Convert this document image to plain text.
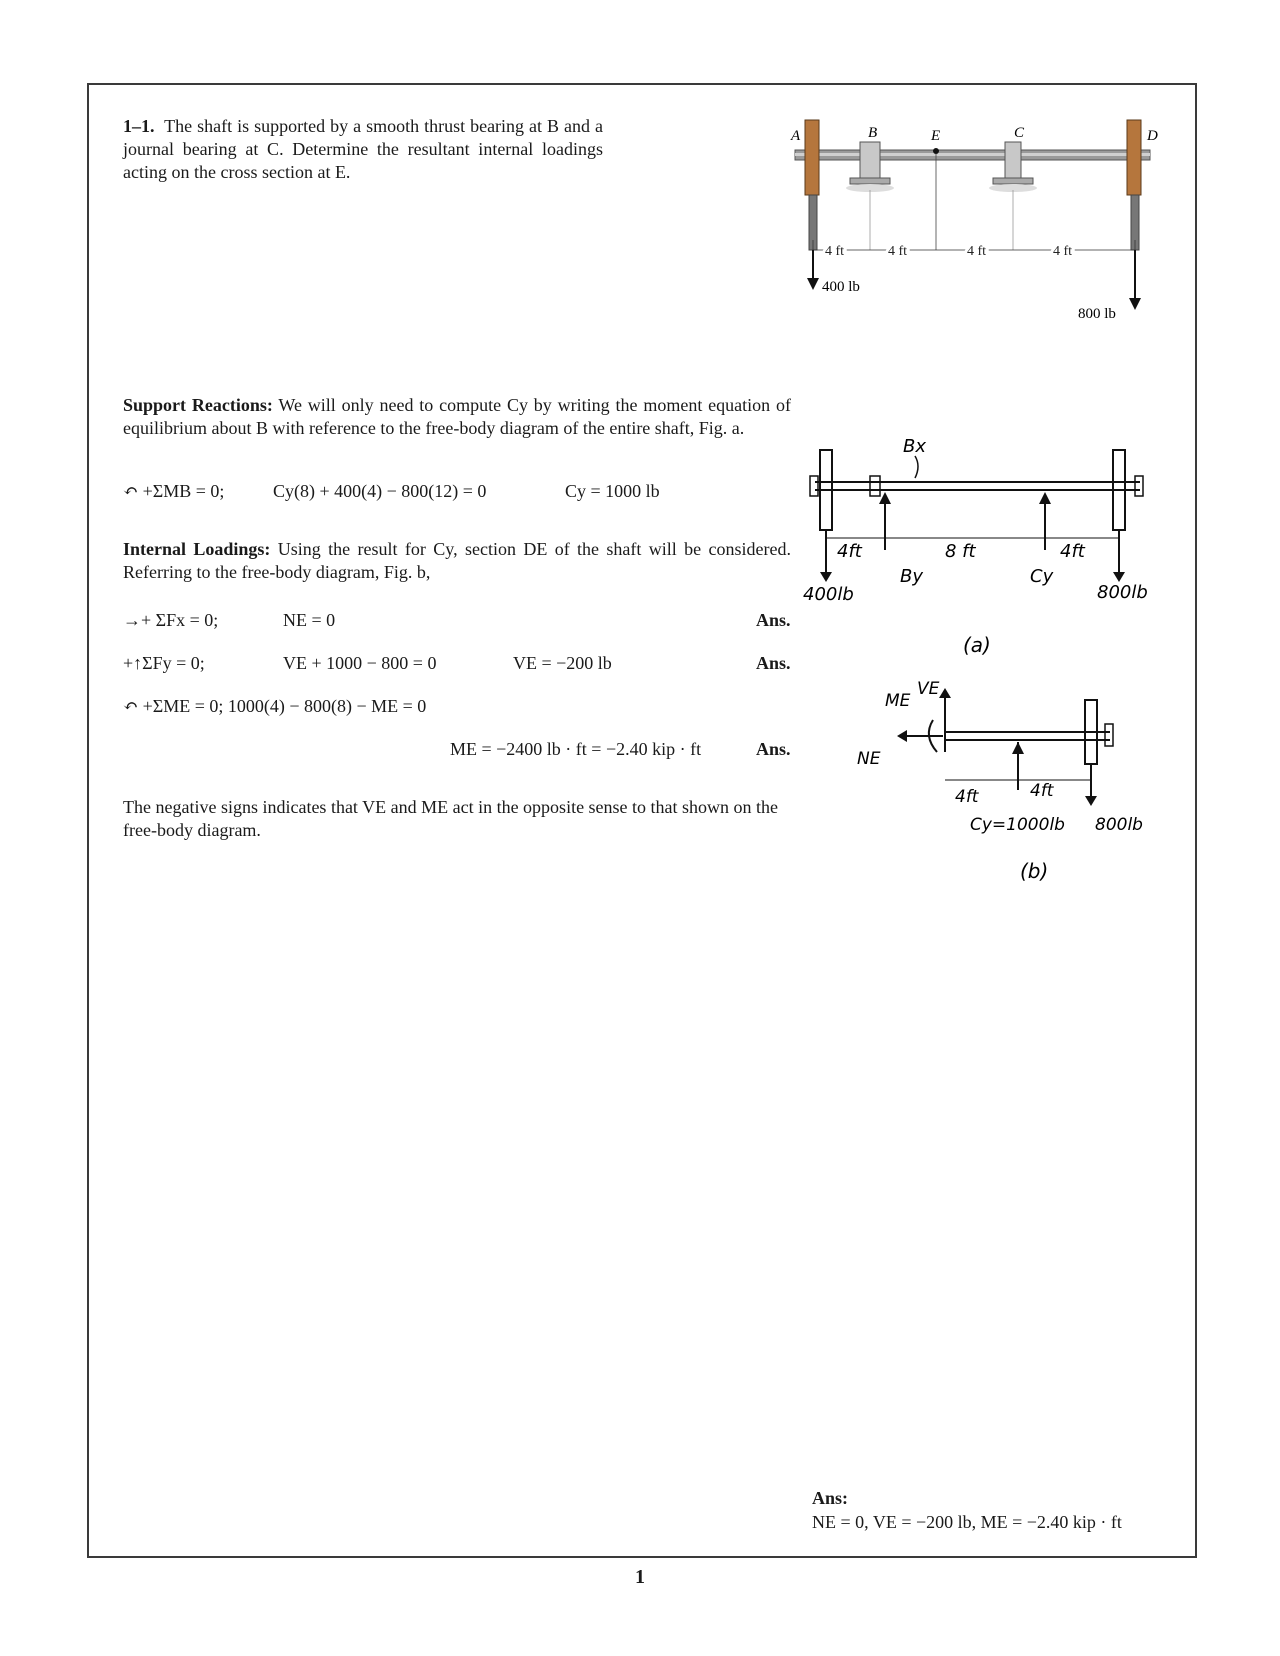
1–1. The shaft is supported by a smooth thrust bearing at B and a journal bearing at C. Determine the resultant internal loadings acting on the cross section at E.
A	B	E	C	D
4 ft	4 ft	4 ft	4 ft
400 lb
800 lb
Support Reactions: We will only need to compute Cy by writing the moment equation of equilibrium about B with reference to the free-body diagram of the entire shaft, Fig. a.
↶ +ΣMB = 0;	Cy(8) + 400(4) − 800(12) = 0	Cy = 1000 lb
Internal Loadings: Using the result for Cy, section DE of the shaft will be considered. Referring to the free-body diagram, Fig. b,
→+ ΣFx = 0;	NE = 0	Ans.
+↑ΣFy = 0;	VE + 1000 − 800 = 0	VE = −200 lb	Ans.
↶ +ΣME = 0; 1000(4) − 800(8) − ME = 0
ME = −2400 lb · ft = −2.40 kip · ft	Ans.
The negative signs indicates that VE and ME act in the opposite sense to that shown on the free-body diagram.
Bx
4ft	8 ft	4ft
400lb
By	Cy
800lb
(a)
ME
VE
NE
4ft	4ft
Cy=1000lb 800lb
(b)
Ans:
NE = 0, VE = −200 lb, ME = −2.40 kip · ft
1
